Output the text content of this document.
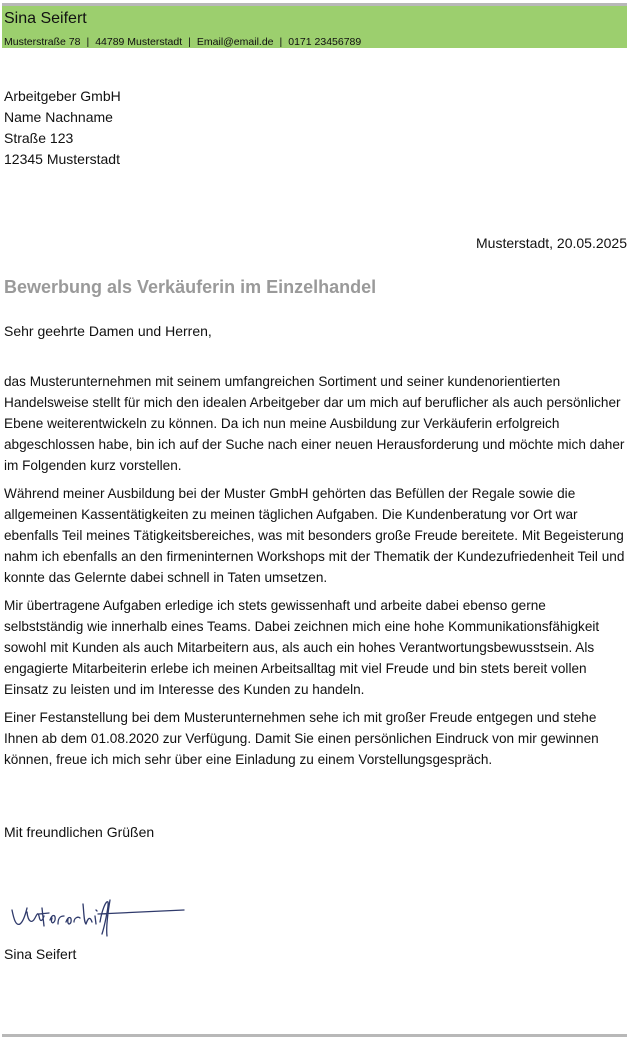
Sina Seifert
Musterstraße 78 | 44789 Musterstadt | Email@email.de | 0171 23456789
Arbeitgeber GmbH
Name Nachname
Straße 123
12345 Musterstadt
Musterstadt, 20.05.2025
Bewerbung als Verkäuferin im Einzelhandel
Sehr geehrte Damen und Herren,

das Musterunternehmen mit seinem umfangreichen Sortiment und seiner kundenorientierten Handelsweise stellt für mich den idealen Arbeitgeber dar um mich auf beruflicher als auch persönlicher Ebene weiterentwickeln zu können. Da ich nun meine Ausbildung zur Verkäuferin erfolgreich abgeschlossen habe, bin ich auf der Suche nach einer neuen Herausforderung und möchte mich daher im Folgenden kurz vorstellen.

Während meiner Ausbildung bei der Muster GmbH gehörten das Befüllen der Regale sowie die allgemeinen Kassentätigkeiten zu meinen täglichen Aufgaben. Die Kundenberatung vor Ort war ebenfalls Teil meines Tätigkeitsbereiches, was mit besonders große Freude bereitete. Mit Begeisterung nahm ich ebenfalls an den firmeninternen Workshops mit der Thematik der Kundezufriedenheit Teil und konnte das Gelernte dabei schnell in Taten umsetzen.

Mir übertragene Aufgaben erledige ich stets gewissenhaft und arbeite dabei ebenso gerne selbstständig wie innerhalb eines Teams. Dabei zeichnen mich eine hohe Kommunikationsfähigkeit sowohl mit Kunden als auch Mitarbeitern aus, als auch ein hohes Verantwortungsbewusstsein. Als engagierte Mitarbeiterin erlebe ich meinen Arbeitsalltag mit viel Freude und bin stets bereit vollen Einsatz zu leisten und im Interesse des Kunden zu handeln.

Einer Festanstellung bei dem Musterunternehmen sehe ich mit großer Freude entgegen und stehe Ihnen ab dem 01.08.2020 zur Verfügung. Damit Sie einen persönlichen Eindruck von mir gewinnen können, freue ich mich sehr über eine Einladung zu einem Vorstellungsgespräch.

Mit freundlichen Grüßen
Sina Seifert
